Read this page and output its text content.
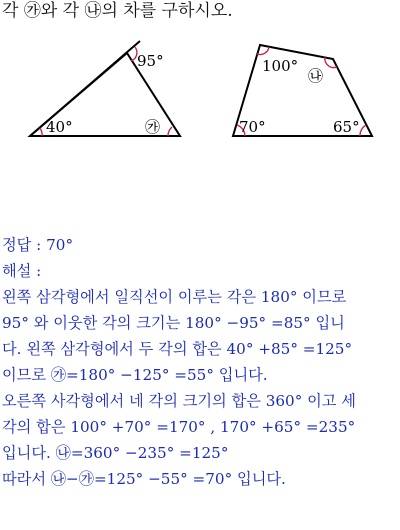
각 ㉮와 각 ㉯의 차를 구하시오.
95°
40°	㉮
100°
㉯
70°	65°
정답 : 70°
해설 :
왼쪽 삼각형에서 일직선이 이루는 각은 180° 이므로
95° 와 이웃한 각의 크기는 180° −95° =85° 입니
다. 왼쪽 삼각형에서 두 각의 합은 40° +85° =125°
이므로 ㉮=180° −125° =55° 입니다.
오른쪽 사각형에서 네 각의 크기의 합은 360° 이고 세
각의 합은 100° +70° =170° , 170° +65° =235°
입니다. ㉯=360° −235° =125°
따라서 ㉯−㉮=125° −55° =70° 입니다.
